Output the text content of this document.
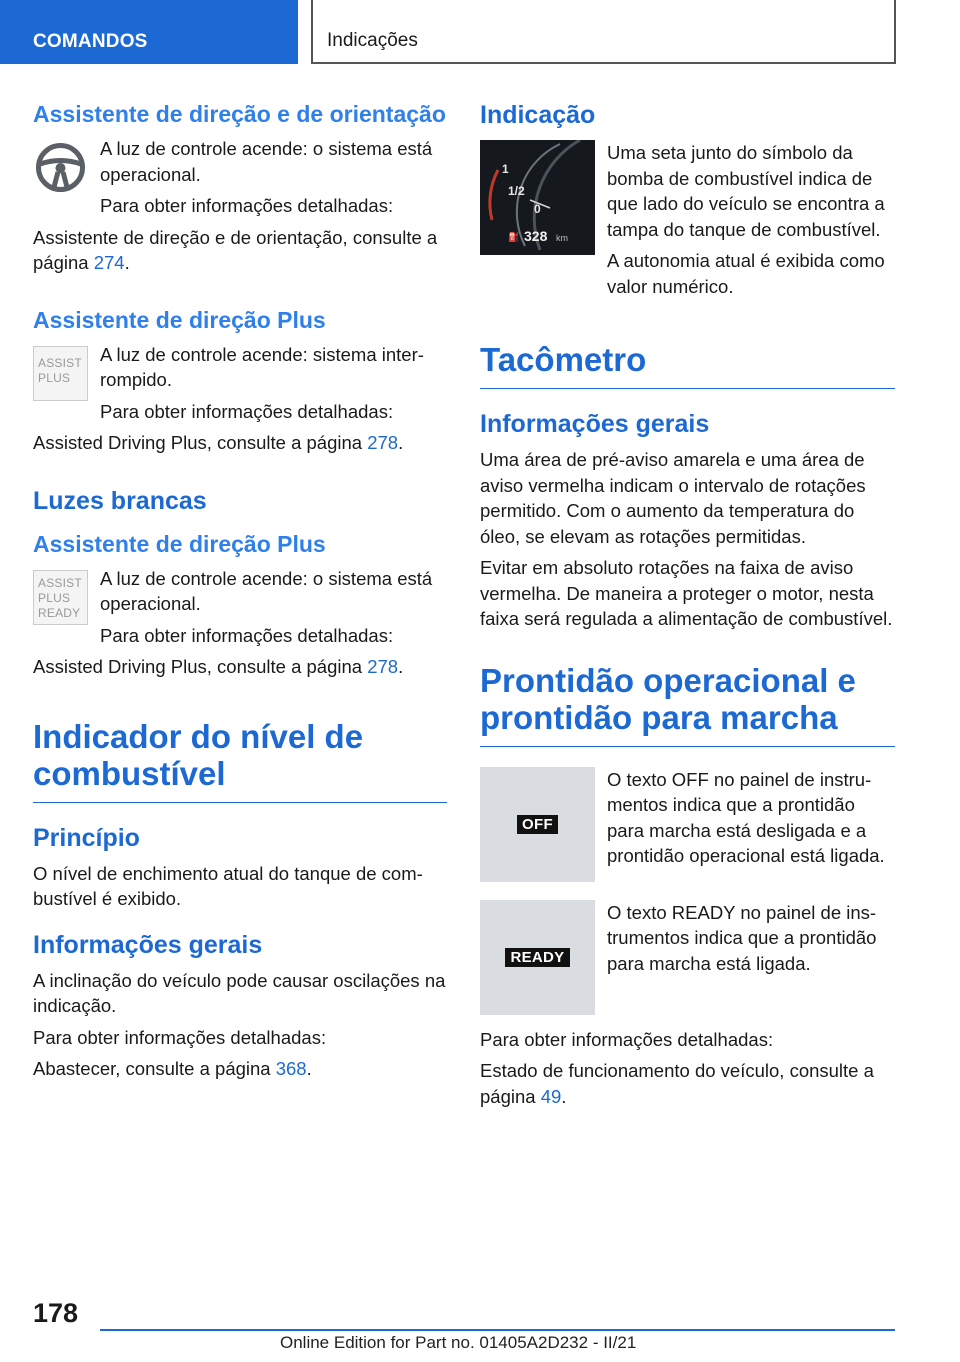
COMANDOS	Indicações
Assistente de direção e de orientação

A luz de controle acende: o sistema está operacional.

Para obter informações detalhadas:

Assistente de direção e de orientação, consulte a página 274.

Assistente de direção Plus
ASSIST
PLUS

A luz de controle acende: sistema inter-rompido.

Para obter informações detalhadas:

Assisted Driving Plus, consulte a página 278.

Luzes brancas
Assistente de direção Plus
ASSIST
PLUS
READY

A luz de controle acende: o sistema está operacional.

Para obter informações detalhadas:

Assisted Driving Plus, consulte a página 278.

Indicador do nível de combustível
Princípio

O nível de enchimento atual do tanque de com-bustível é exibido.

Informações gerais

A inclinação do veículo pode causar oscilações na indicação.

Para obter informações detalhadas:

Abastecer, consulte a página 368.

Indicação
1
1/2
0
⛽ 328 km

Uma seta junto do símbolo da bomba de combustível indica de que lado do veículo se encontra a tampa do tanque de combustível.

A autonomia atual é exibida como valor numérico.

Tacômetro
Informações gerais

Uma área de pré-aviso amarela e uma área de aviso vermelha indicam o intervalo de rotações permitido. Com o aumento da temperatura do óleo, se elevam as rotações permitidas.

Evitar em absoluto rotações na faixa de aviso vermelha. De maneira a proteger o motor, nesta faixa será regulada a alimentação de combustível.

Prontidão operacional e prontidão para marcha
OFF

O texto OFF no painel de instru-mentos indica que a prontidão para marcha está desligada e a prontidão operacional está ligada.

READY

O texto READY no painel de ins-trumentos indica que a prontidão para marcha está ligada.

Para obter informações detalhadas:

Estado de funcionamento do veículo, consulte a página 49.

178
Online Edition for Part no. 01405A2D232 - II/21
